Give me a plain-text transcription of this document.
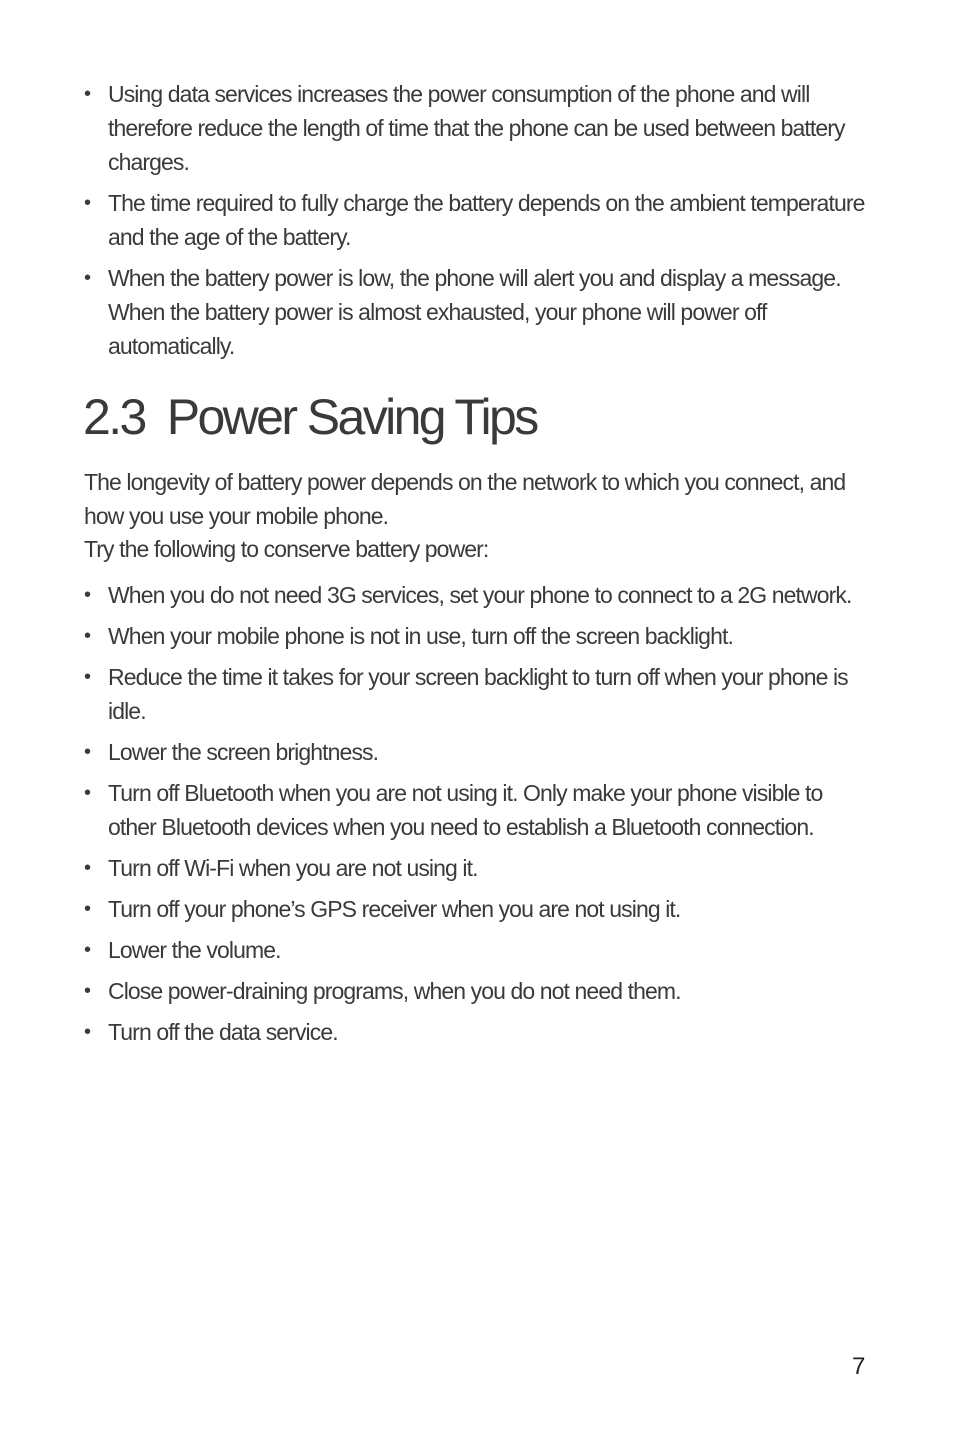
• Using data services increases the power consumption of the phone and will therefore reduce the length of time that the phone can be used between battery charges.
• The time required to fully charge the battery depends on the ambient temperature and the age of the battery.
• When the battery power is low, the phone will alert you and display a message. When the battery power is almost exhausted, your phone will power off automatically.
2.3 Power Saving Tips

The longevity of battery power depends on the network to which you connect, and how you use your mobile phone.

Try the following to conserve battery power:

• When you do not need 3G services, set your phone to connect to a 2G network.
• When your mobile phone is not in use, turn off the screen backlight.
• Reduce the time it takes for your screen backlight to turn off when your phone is idle.
• Lower the screen brightness.
• Turn off Bluetooth when you are not using it. Only make your phone visible to other Bluetooth devices when you need to establish a Bluetooth connection.
• Turn off Wi-Fi when you are not using it.
• Turn off your phone’s GPS receiver when you are not using it.
• Lower the volume.
• Close power-draining programs, when you do not need them.
• Turn off the data service.
7
